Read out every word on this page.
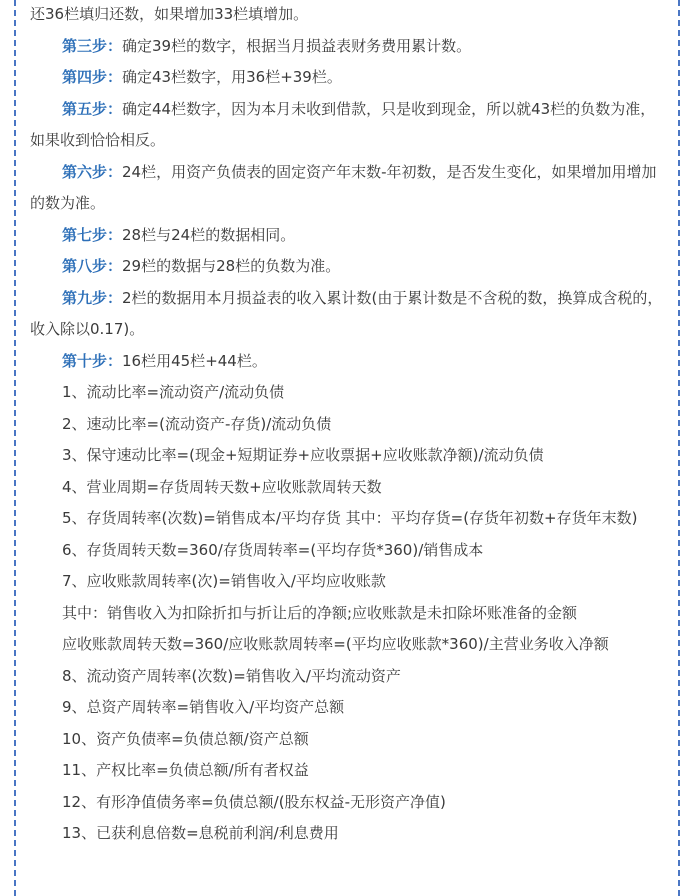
还36栏填归还数，如果增加33栏填增加。

第三步：确定39栏的数字，根据当月损益表财务费用累计数。

第四步：确定43栏数字，用36栏+39栏。

第五步：确定44栏数字，因为本月未收到借款，只是收到现金，所以就43栏的负数为准，如果收到恰恰相反。

第六步：24栏，用资产负债表的固定资产年末数-年初数，是否发生变化，如果增加用增加的数为准。

第七步：28栏与24栏的数据相同。

第八步：29栏的数据与28栏的负数为准。

第九步：2栏的数据用本月损益表的收入累计数(由于累计数是不含税的数，换算成含税的，收入除以0.17)。

第十步：16栏用45栏+44栏。

1、流动比率=流动资产/流动负债

2、速动比率=(流动资产-存货)/流动负债

3、保守速动比率=(现金+短期证券+应收票据+应收账款净额)/流动负债

4、营业周期=存货周转天数+应收账款周转天数

5、存货周转率(次数)=销售成本/平均存货 其中：平均存货=(存货年初数+存货年末数)

6、存货周转天数=360/存货周转率=(平均存货*360)/销售成本

7、应收账款周转率(次)=销售收入/平均应收账款

其中：销售收入为扣除折扣与折让后的净额;应收账款是未扣除坏账准备的金额

应收账款周转天数=360/应收账款周转率=(平均应收账款*360)/主营业务收入净额

8、流动资产周转率(次数)=销售收入/平均流动资产

9、总资产周转率=销售收入/平均资产总额

10、资产负债率=负债总额/资产总额

11、产权比率=负债总额/所有者权益

12、有形净值债务率=负债总额/(股东权益-无形资产净值)

13、已获利息倍数=息税前利润/利息费用
